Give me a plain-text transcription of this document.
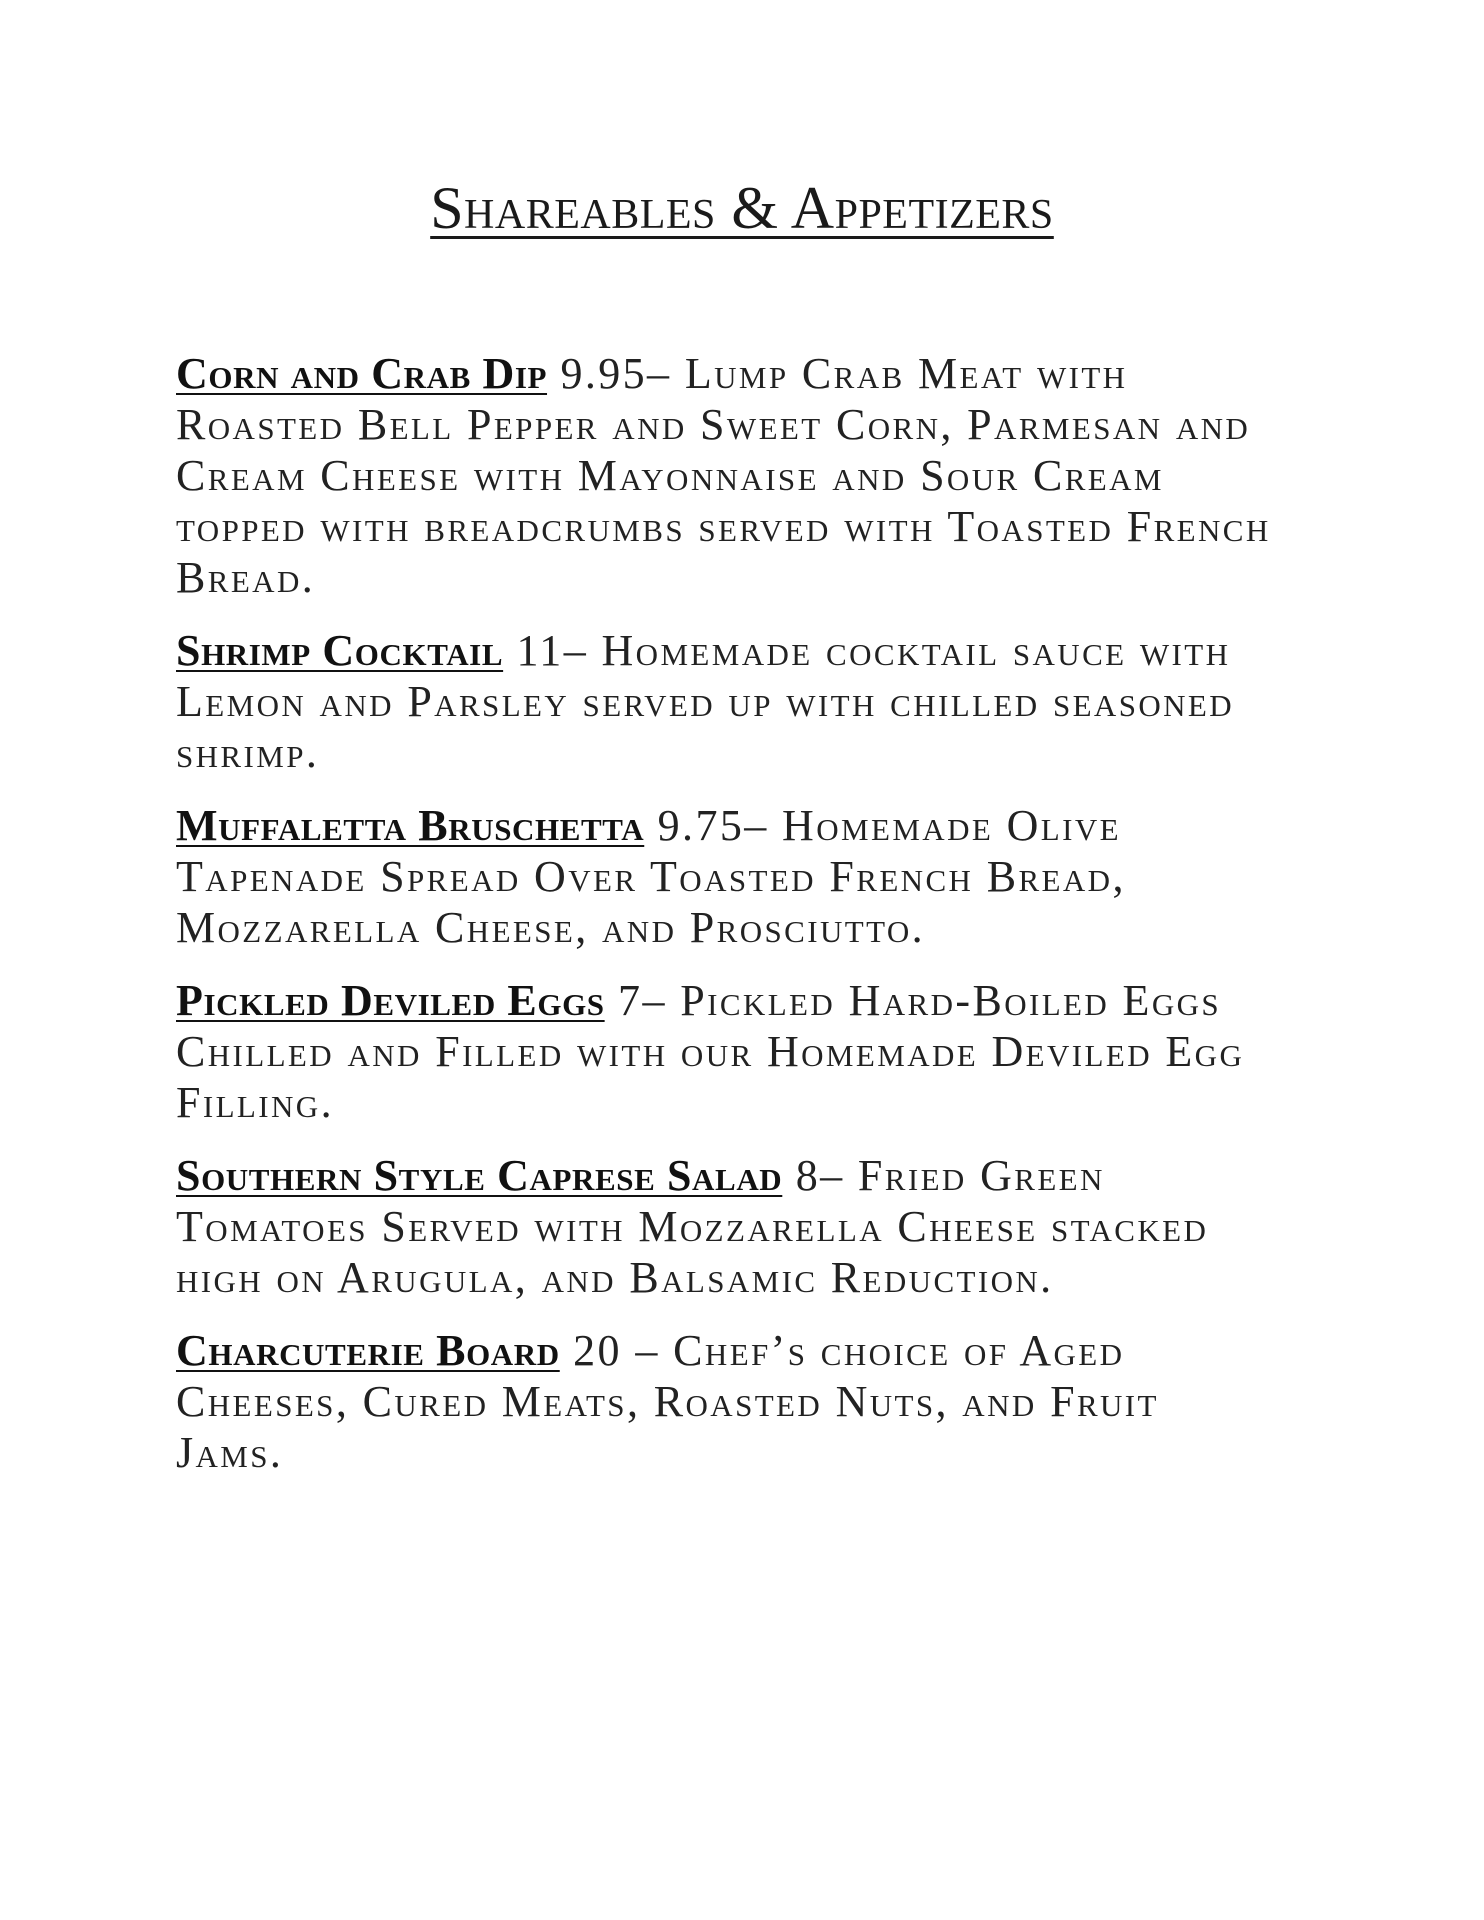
Shareables & Appetizers

Corn and Crab Dip 9.95– Lump Crab Meat with Roasted Bell Pepper and Sweet Corn, Parmesan and Cream Cheese with Mayonnaise and Sour Cream topped with breadcrumbs served with Toasted French Bread.

Shrimp Cocktail 11– Homemade cocktail sauce with Lemon and Parsley served up with chilled seasoned shrimp.

Muffaletta Bruschetta 9.75– Homemade Olive Tapenade Spread Over Toasted French Bread, Mozzarella Cheese, and Prosciutto.

Pickled Deviled Eggs 7– Pickled Hard-Boiled Eggs Chilled and Filled with our Homemade Deviled Egg Filling.

Southern Style Caprese Salad 8– Fried Green Tomatoes Served with Mozzarella Cheese stacked high on Arugula, and Balsamic Reduction.

Charcuterie Board 20 – Chef’s choice of Aged Cheeses, Cured Meats, Roasted Nuts, and Fruit Jams.
